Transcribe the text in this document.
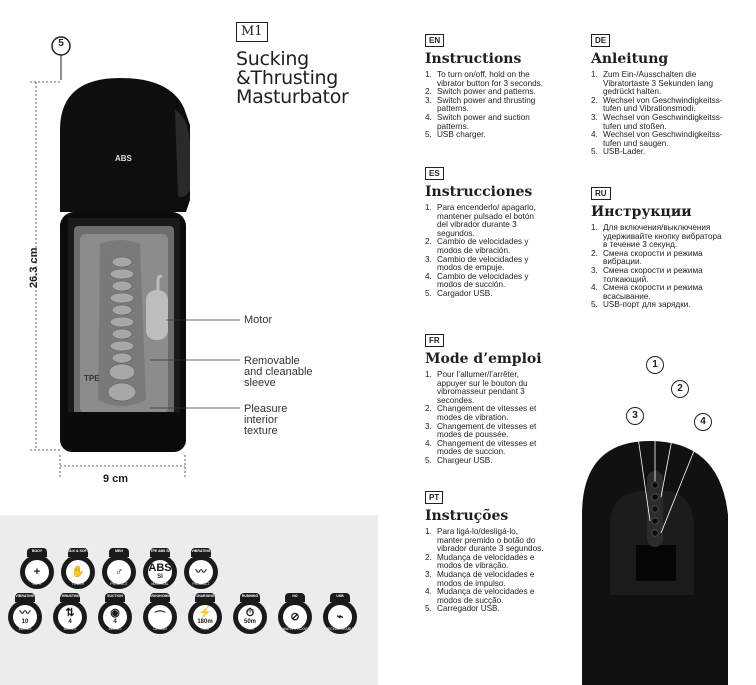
M1
Sucking
&Thrusting
Masturbator
26.3 cm
9 cm
5
ABS
TPE
Motor
Removable
and cleanable
sleeve
Pleasure
interior
texture
BODY
+
SAFE
SILK & SOFT
✋
TOUCH
MEN
♂
PRODUCT
TPE ABS SI
ABS
SI
MATERIAL
VIBRATING
〰
PRODUCT
VIBRATING
〰
10
MODES
THRUSTING
⇅
4
MODES
SUCTION
◉
4
MODES
ERGONOMIC
⌒
DESIGN
CHARGING
⚡
180m
TIME
RUNNING
⏱
50m
TIME
NO
⊘
WATERPROOF
USB
⌁
RECHARGEABLE
EN
Instructions
1. To turn on/off, hold on the
vibrator button for 3 seconds.
2. Switch power and patterns.
3. Switch power and thrusting
patterns.
4. Switch power and suction
patterns.
5. USB charger.
ES
Instrucciones
1. Para encenderlo/ apagarlo,
mantener pulsado el botón
del vibrador durante 3
segundos.
2. Cambio de velocidades y
modos de vibración.
3. Cambio de velocidades y
modos de empuje.
4. Cambio de velocidades y
modos de succión.
5. Cargador USB.
FR
Mode d’emploi
1. Pour l’allumer/l’arrêter,
appuyer sur le bouton du
vibromasseur pendant 3
secondes.
2. Changement de vitesses et
modes de vibration.
3. Changement de vitesses et
modes de poussée.
4. Changement de vitesses et
modes de succion.
5. Chargeur USB.
PT
Instruções
1. Para ligá-lo/desligá-lo,
manter premido o botão do
vibrador durante 3 segundos.
2. Mudança de velocidades e
modos de vibração.
3. Mudança de velocidades e
modos de impulso.
4. Mudança de velocidades e
modos de sucção.
5. Carregador USB.
DE
Anleitung
1. Zum Ein-/Ausschalten die
Vibratortaste 3 Sekunden lang
gedrückt halten.
2. Wechsel von Geschwindigkeitss-
tufen und Vibrationsmodi.
3. Wechsel von Geschwindigkeitss-
tufen und stoßen.
4. Wechsel von Geschwindigkeitss-
tufen und saugen.
5. USB-Lader.
RU
Инструкции
1. Для включения/выключения
удерживайте кнопку вибратора
в течение 3 секунд.
2. Смена скорости и режима
вибрации.
3. Смена скорости и режима
толкающий.
4. Смена скорости и режима
всасывание.
5. USB-порт для зарядки.
1
2
3
4
